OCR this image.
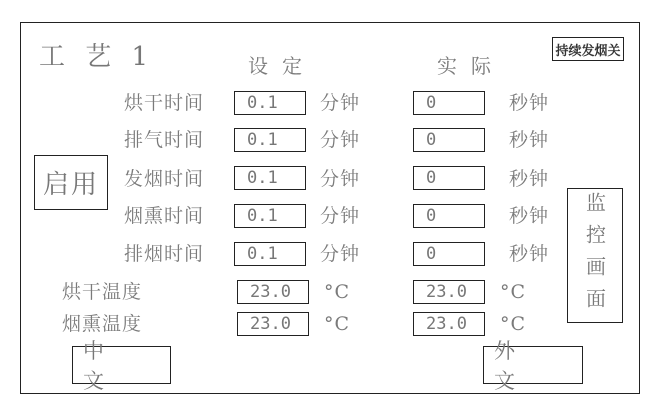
工 艺 1	设定	实际
持续发烟关
启用
监控画面
烘干时间	0.1	分钟	0	秒钟
排气时间	0.1	分钟	0	秒钟
发烟时间	0.1	分钟	0	秒钟
烟熏时间	0.1	分钟	0	秒钟
排烟时间	0.1	分钟	0	秒钟
烘干温度	23.0	°C	23.0	°C
烟熏温度	23.0	°C	23.0	°C
中 文
外 文
